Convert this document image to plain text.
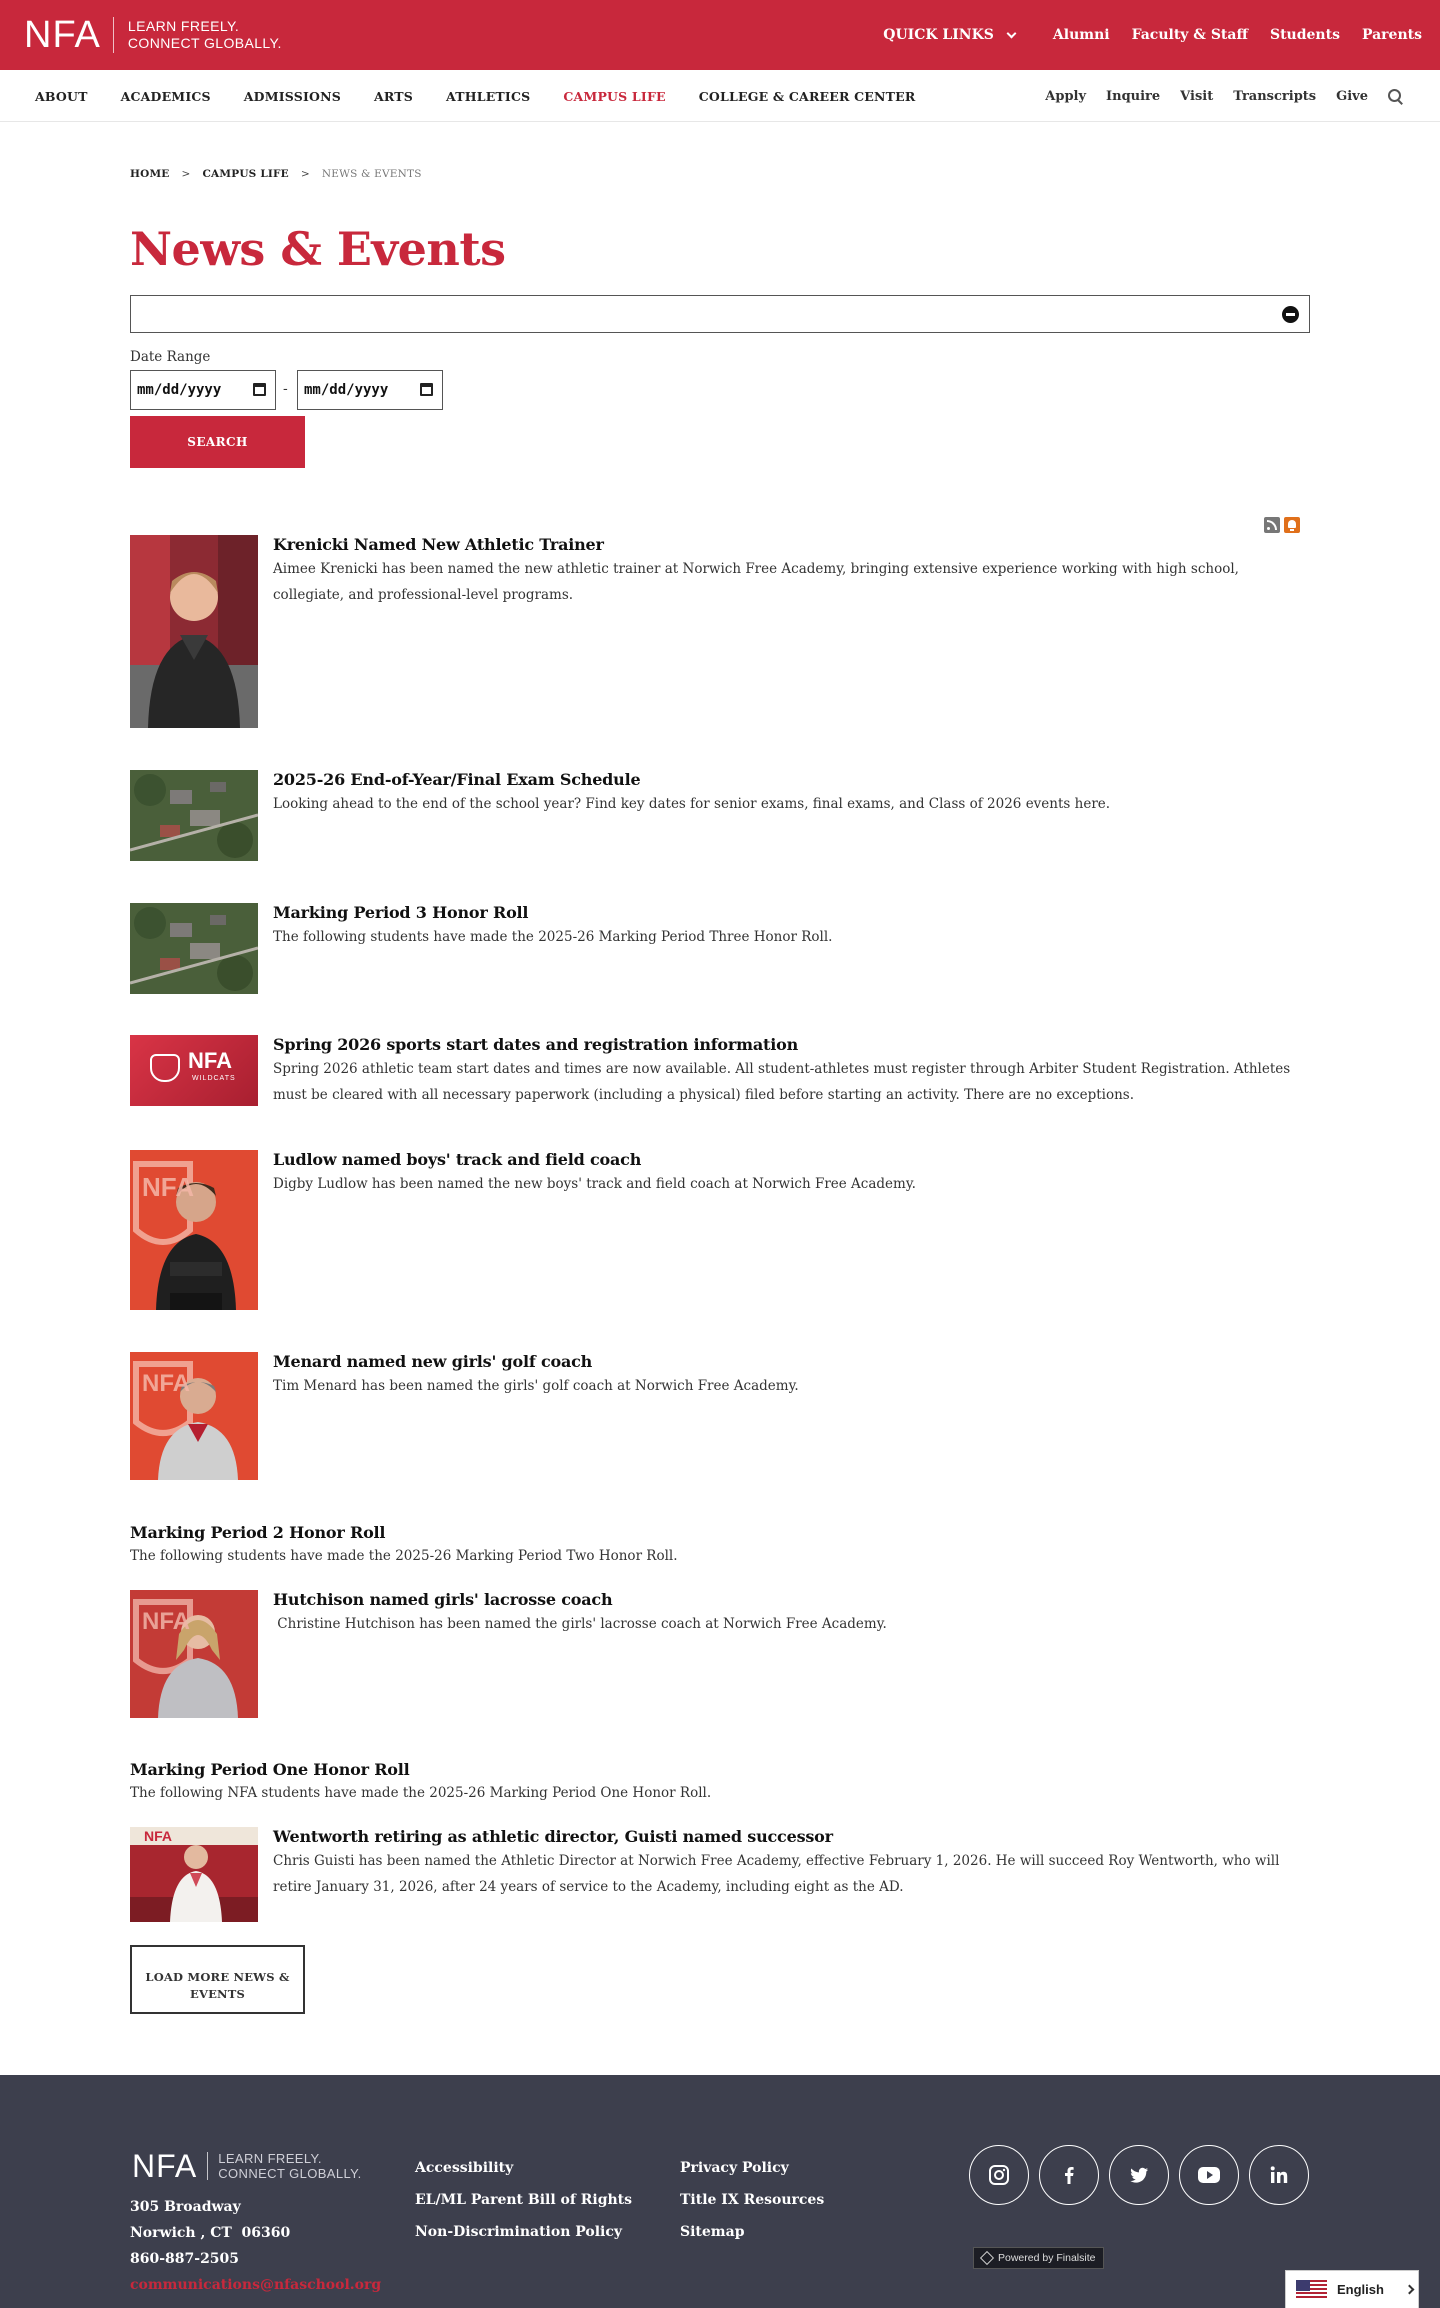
NFA LEARN FREELY.
CONNECT GLOBALLY.	QUICK LINKS	Alumni Faculty & Staff Students Parents
ABOUT	ACADEMICS	ADMISSIONS	ARTS	ATHLETICS	CAMPUS LIFE	COLLEGE & CAREER CENTER	Apply Inquire Visit Transcripts Give
HOME > CAMPUS LIFE > NEWS & EVENTS
News & Events
Date Range
mm/dd/yyyy	-	mm/dd/yyyy
SEARCH
Krenicki Named New Athletic Trainer
Aimee Krenicki has been named the new athletic trainer at Norwich Free Academy, bringing extensive experience working with high school, collegiate, and professional-level programs.
2025-26 End-of-Year/Final Exam Schedule
Looking ahead to the end of the school year? Find key dates for senior exams, final exams, and Class of 2026 events here.
Marking Period 3 Honor Roll
The following students have made the 2025-26 Marking Period Three Honor Roll.
NFA
WILDCATS
Spring 2026 sports start dates and registration information
Spring 2026 athletic team start dates and times are now available. All student-athletes must register through Arbiter Student Registration. Athletes must be cleared with all necessary paperwork (including a physical) filed before starting an activity. There are no exceptions.
NFA
Ludlow named boys' track and field coach
Digby Ludlow has been named the new boys' track and field coach at Norwich Free Academy.
NFA
Menard named new girls' golf coach
Tim Menard has been named the girls' golf coach at Norwich Free Academy.
Marking Period 2 Honor Roll
The following students have made the 2025-26 Marking Period Two Honor Roll.
NFA
Hutchison named girls' lacrosse coach
Christine Hutchison has been named the girls' lacrosse coach at Norwich Free Academy.
Marking Period One Honor Roll
The following NFA students have made the 2025-26 Marking Period One Honor Roll.
NFA	Wentworth retiring as athletic director, Guisti named successor
Chris Guisti has been named the Athletic Director at Norwich Free Academy, effective February 1, 2026. He will succeed Roy Wentworth, who will retire January 31, 2026, after 24 years of service to the Academy, including eight as the AD.
LOAD MORE NEWS & EVENTS
NFA LEARN FREELY.
CONNECT GLOBALLY.
305 Broadway
Norwich , CT  06360
860-887-2505
communications@nfaschool.org
Accessibility
EL/ML Parent Bill of Rights
Non-Discrimination Policy
Privacy Policy
Title IX Resources
Sitemap
Powered by Finalsite
English
